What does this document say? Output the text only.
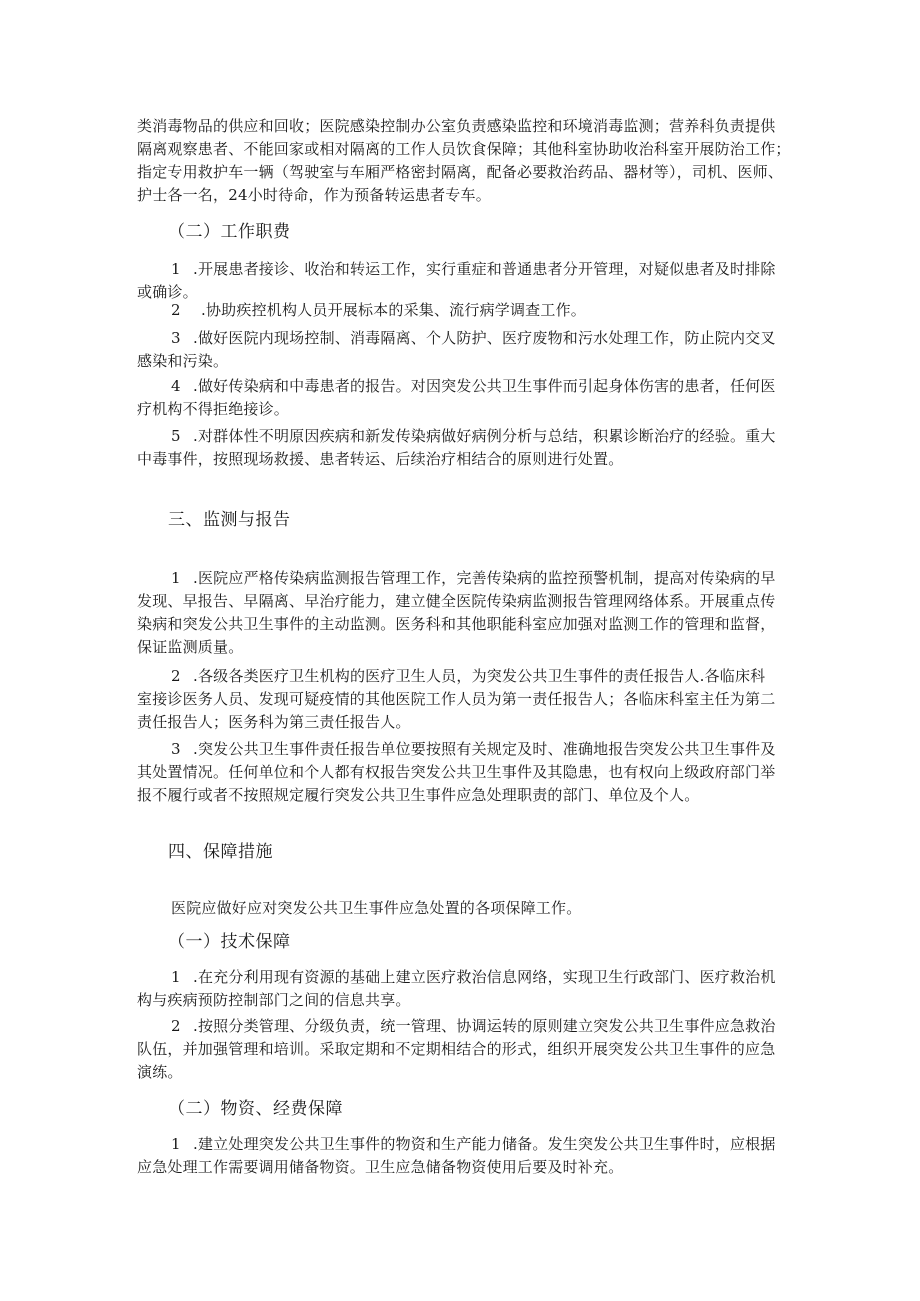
类消毒物品的供应和回收；医院感染控制办公室负责感染监控和环境消毒监测；营养科负责提供
隔离观察患者、不能回家或相对隔离的工作人员饮食保障；其他科室协助收治科室开展防治工作；
指定专用救护车一辆（驾驶室与车厢严格密封隔离，配备必要救治药品、器材等），司机、医师、
护士各一名，24小时待命，作为预备转运患者专车。
（二）工作职费
1 .开展患者接诊、收治和转运工作，实行重症和普通患者分开管理，对疑似患者及时排除
或确诊。
2 .协助疾控机构人员开展标本的采集、流行病学调查工作。
3 .做好医院内现场控制、消毒隔离、个人防护、医疗废物和污水处理工作，防止院内交叉
感染和污染。
4 .做好传染病和中毒患者的报告。对因突发公共卫生事件而引起身体伤害的患者，任何医
疗机构不得拒绝接诊。
5 .对群体性不明原因疾病和新发传染病做好病例分析与总结，积累诊断治疗的经验。重大
中毒事件，按照现场救援、患者转运、后续治疗相结合的原则进行处置。
三、监测与报告
1 .医院应严格传染病监测报告管理工作，完善传染病的监控预警机制，提高对传染病的早
发现、早报告、早隔离、早治疗能力，建立健全医院传染病监测报告管理网络体系。开展重点传
染病和突发公共卫生事件的主动监测。医务科和其他职能科室应加强对监测工作的管理和监督，
保证监测质量。
2 .各级各类医疗卫生机构的医疗卫生人员，为突发公共卫生事件的责任报告人.各临床科
室接诊医务人员、发现可疑疫情的其他医院工作人员为第一责任报告人；各临床科室主任为第二
责任报告人；医务科为第三责任报告人。
3 .突发公共卫生事件责任报告单位要按照有关规定及时、准确地报告突发公共卫生事件及
其处置情况。任何单位和个人都有权报告突发公共卫生事件及其隐患，也有权向上级政府部门举
报不履行或者不按照规定履行突发公共卫生事件应急处理职责的部门、单位及个人。
四、保障措施
医院应做好应对突发公共卫生事件应急处置的各项保障工作。
（一）技术保障
1 .在充分利用现有资源的基础上建立医疗救治信息网络，实现卫生行政部门、医疗救治机
构与疾病预防控制部门之间的信息共享。
2 .按照分类管理、分级负责，统一管理、协调运转的原则建立突发公共卫生事件应急救治
队伍，并加强管理和培训。采取定期和不定期相结合的形式，组织开展突发公共卫生事件的应急
演练。
（二）物资、经费保障
1 .建立处理突发公共卫生事件的物资和生产能力储备。发生突发公共卫生事件时，应根据
应急处理工作需要调用储备物资。卫生应急储备物资使用后要及时补充。
